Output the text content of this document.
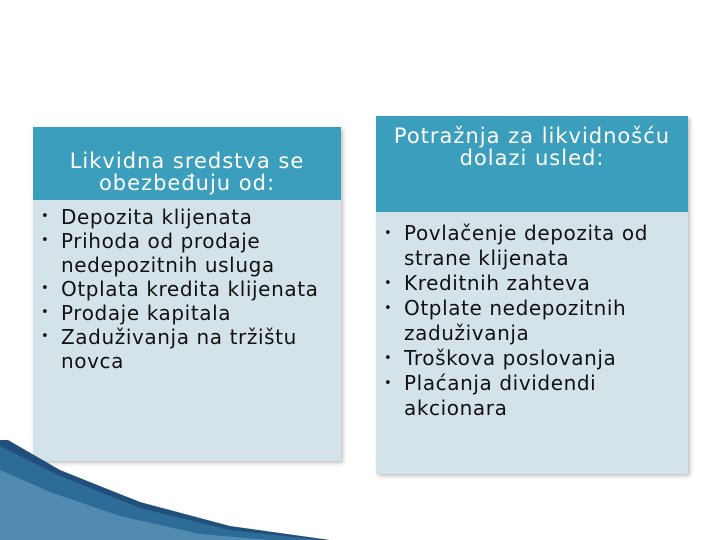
Likvidna sredstva se obezbeđuju od:
• Depozita klijenata
• Prihoda od prodaje nedepozitnih usluga
• Otplata kredita klijenata
• Prodaje kapitala
• Zaduživanja na tržištu novca
Potražnja za likvidnošću dolazi usled:
• Povlačenje depozita od strane klijenata
• Kreditnih zahteva
• Otplate nedepozitnih zaduživanja
• Troškova poslovanja
• Plaćanja dividendi akcionara
